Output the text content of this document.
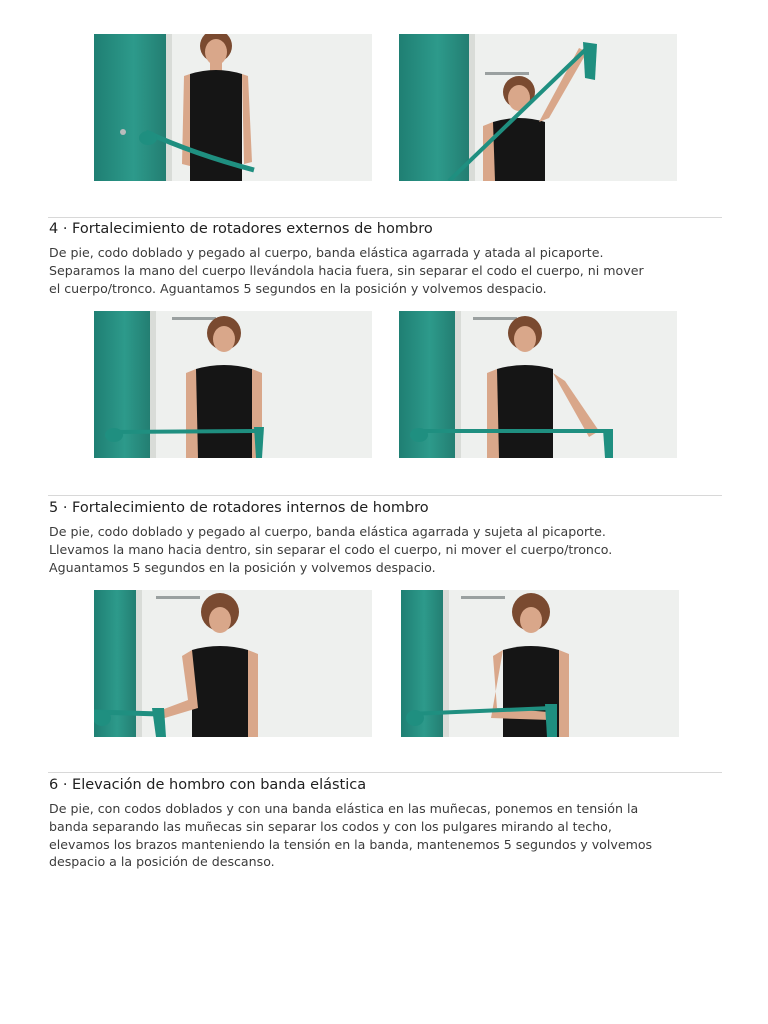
4 · Fortalecimiento de rotadores externos de hombro
De pie, codo doblado y pegado al cuerpo, banda elástica agarrada y atada al picaporte.
Separamos la mano del cuerpo llevándola hacia fuera, sin separar el codo el cuerpo, ni mover
el cuerpo/tronco. Aguantamos 5 segundos en la posición y volvemos despacio.
5 · Fortalecimiento de rotadores internos de hombro
De pie, codo doblado y pegado al cuerpo, banda elástica agarrada y sujeta al picaporte.
Llevamos la mano hacia dentro, sin separar el codo el cuerpo, ni mover el cuerpo/tronco.
Aguantamos 5 segundos en la posición y volvemos despacio.
6 · Elevación de hombro con banda elástica
De pie, con codos doblados y con una banda elástica en las muñecas, ponemos en tensión la
banda separando las muñecas sin separar los codos y con los pulgares mirando al techo,
elevamos los brazos manteniendo la tensión en la banda, mantenemos 5 segundos y volvemos
despacio a la posición de descanso.
